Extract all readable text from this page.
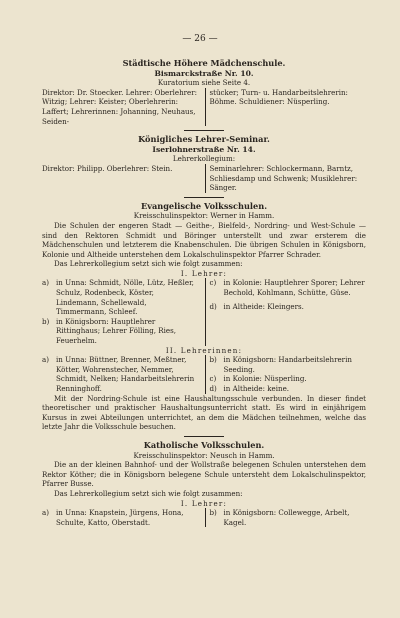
— 26 —
Städtische Höhere Mädchenschule.
Bismarckstraße Nr. 10.
Kuratorium siehe Seite 4.
Direktor: Dr. Stoecker. Lehrer: Oberlehrer: Witzig; Lehrer: Keister; Oberlehrerin: Laffert; Lehrerinnen: Johanning, Neuhaus, Seiden-
stücker; Turn- u. Handarbeitslehrerin: Böhme. Schuldiener: Nüsperling.
Königliches Lehrer-Seminar.
Iserlohnerstraße Nr. 14.
Lehrerkollegium:
Direktor: Philipp. Oberlehrer: Stein.	Seminarlehrer: Schlockermann, Barntz, Schliesdamp und Schwenk; Musiklehrer: Sänger.
Evangelische Volksschulen.
Kreisschulinspektor: Werner in Hamm.

Die Schulen der engeren Stadt — Geithe-, Bielfeld-, Nordring- und West-Schule — sind den Rektoren Schmidt und Böringer unterstellt und zwar ersterem die Mädchenschulen und letzterem die Knabenschulen. Die übrigen Schulen in Königsborn, Kolonie und Altheide unterstehen dem Lokalschulinspektor Pfarrer Schrader.

Das Lehrerkollegium setzt sich wie folgt zusammen:

I. Lehrer:
a) in Unna: Schmidt, Nölle, Lütz, Heßler, Schulz, Rodenbeck, Köster, Lindemann, Schellewald, Timmermann, Schleef.
b) in Königsborn: Hauptlehrer Rittinghaus; Lehrer Fölling, Ries, Feuerhelm.
c)	in Kolonie: Hauptlehrer Sporer; Lehrer Bechold, Kohlmann, Schütte, Güse.
d) in Altheide: Kleingers.
II. Lehrerinnen:
a) in Unna: Büttner, Brenner, Meßtner, Kötter, Wohrenstecher, Nemmer, Schmidt, Nelken; Handarbeitslehrerin Renninghoff.
b) in Königsborn: Handarbeitslehrerin Seeding.
c)	in Kolonie: Nüsperling.
d) in Altheide: keine.

Mit der Nordring-Schule ist eine Haushaltungsschule verbunden. In dieser findet theoretischer und praktischer Haushaltungsunterricht statt. Es wird in einjährigem Kursus in zwei Abteilungen unterrichtet, an dem die Mädchen teilnehmen, welche das letzte Jahr die Volksschule besuchen.

Katholische Volksschulen.
Kreisschulinspektor: Neusch in Hamm.

Die an der kleinen Bahnhof- und der Wollstraße belegenen Schulen unterstehen dem Rektor Köther; die in Königsborn belegene Schule untersteht dem Lokalschulinspektor, Pfarrer Busse.

Das Lehrerkollegium setzt sich wie folgt zusammen:

I. Lehrer:
a) in Unna: Knapstein, Jürgens, Hona, Schulte, Katto, Oberstadt.
b) in Königsborn: Collewegge, Arbelt, Kagel.
